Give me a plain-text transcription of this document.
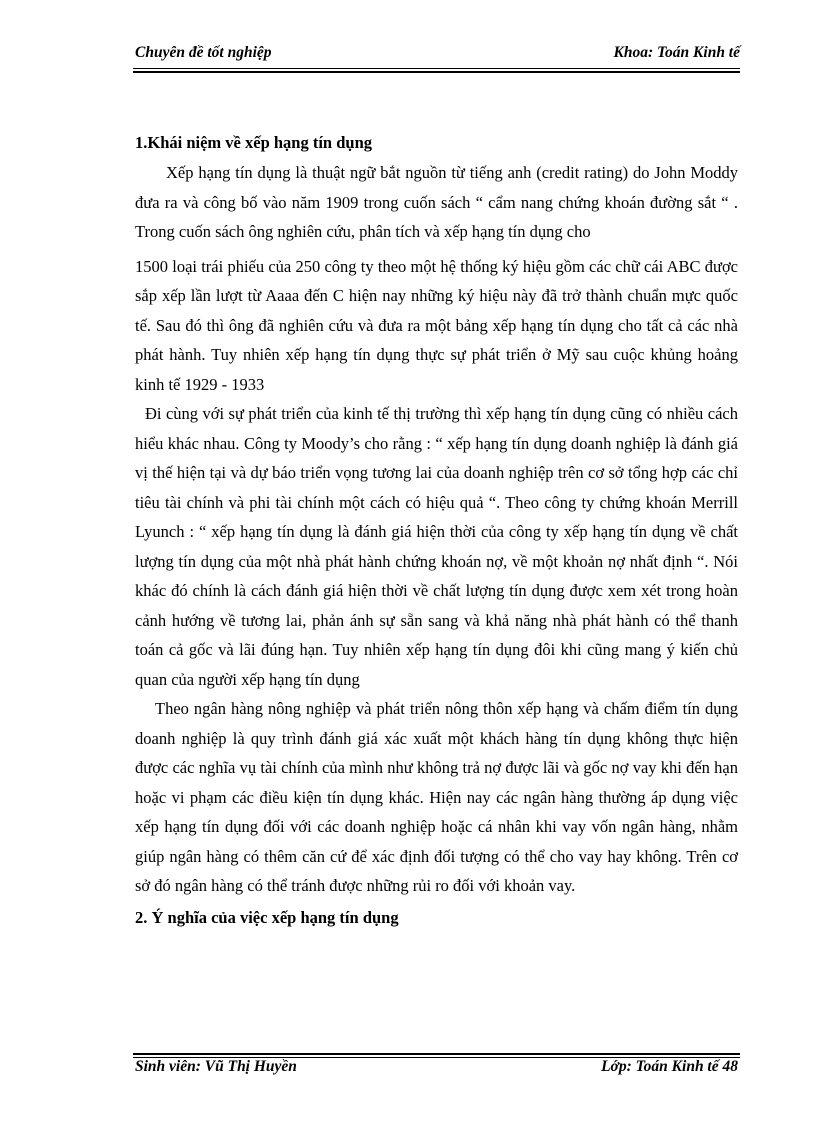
Chuyên đề tốt nghiệp	Khoa: Toán Kinh tế

1.Khái niệm về xếp hạng tín dụng

Xếp hạng tín dụng là thuật ngữ bắt nguồn từ tiếng anh (credit rating) do John Moddy đưa ra và công bố vào năm 1909 trong cuốn sách “ cẩm nang chứng khoán đường sắt “ . Trong cuốn sách ông nghiên cứu, phân tích và xếp hạng tín dụng cho

1500 loại trái phiếu của 250 công ty theo một hệ thống ký hiệu gồm các chữ cái ABC được sắp xếp lần lượt từ Aaaa đến C hiện nay những ký hiệu này đã trở thành chuẩn mực quốc tế. Sau đó thì ông đã nghiên cứu và đưa ra một bảng xếp hạng tín dụng cho tất cả các nhà phát hành. Tuy nhiên xếp hạng tín dụng thực sự phát triển ở Mỹ sau cuộc khủng hoảng kinh tế 1929 - 1933

Đi cùng với sự phát triển của kinh tế thị trường thì xếp hạng tín dụng cũng có nhiều cách hiểu khác nhau. Công ty Moody’s cho rằng : “ xếp hạng tín dụng doanh nghiệp là đánh giá vị thế hiện tại và dự báo triển vọng tương lai của doanh nghiệp trên cơ sở tổng hợp các chỉ tiêu tài chính và phi tài chính một cách có hiệu quả “. Theo công ty chứng khoán Merrill Lyunch : “ xếp hạng tín dụng là đánh giá hiện thời của công ty xếp hạng tín dụng về chất lượng tín dụng của một nhà phát hành chứng khoán nợ, về một khoản nợ nhất định “. Nói khác đó chính là cách đánh giá hiện thời về chất lượng tín dụng được xem xét trong hoàn cảnh hướng về tương lai, phản ánh sự sẵn sang và khả năng nhà phát hành có thể thanh toán cả gốc và lãi đúng hạn. Tuy nhiên xếp hạng tín dụng đôi khi cũng mang ý kiến chủ quan của người xếp hạng tín dụng

Theo ngân hàng nông nghiệp và phát triển nông thôn xếp hạng và chấm điểm tín dụng doanh nghiệp là quy trình đánh giá xác xuất một khách hàng tín dụng không thực hiện được các nghĩa vụ tài chính của mình như không trả nợ được lãi và gốc nợ vay khi đến hạn hoặc vi phạm các điều kiện tín dụng khác. Hiện nay các ngân hàng thường áp dụng việc xếp hạng tín dụng đối với các doanh nghiệp hoặc cá nhân khi vay vốn ngân hàng, nhằm giúp ngân hàng có thêm căn cứ để xác định đối tượng có thể cho vay hay không. Trên cơ sở đó ngân hàng có thể tránh được những rủi ro đối với khoản vay.

2. Ý nghĩa của việc xếp hạng tín dụng

Sinh viên: Vũ Thị Huyền	Lớp: Toán Kinh tế 48
